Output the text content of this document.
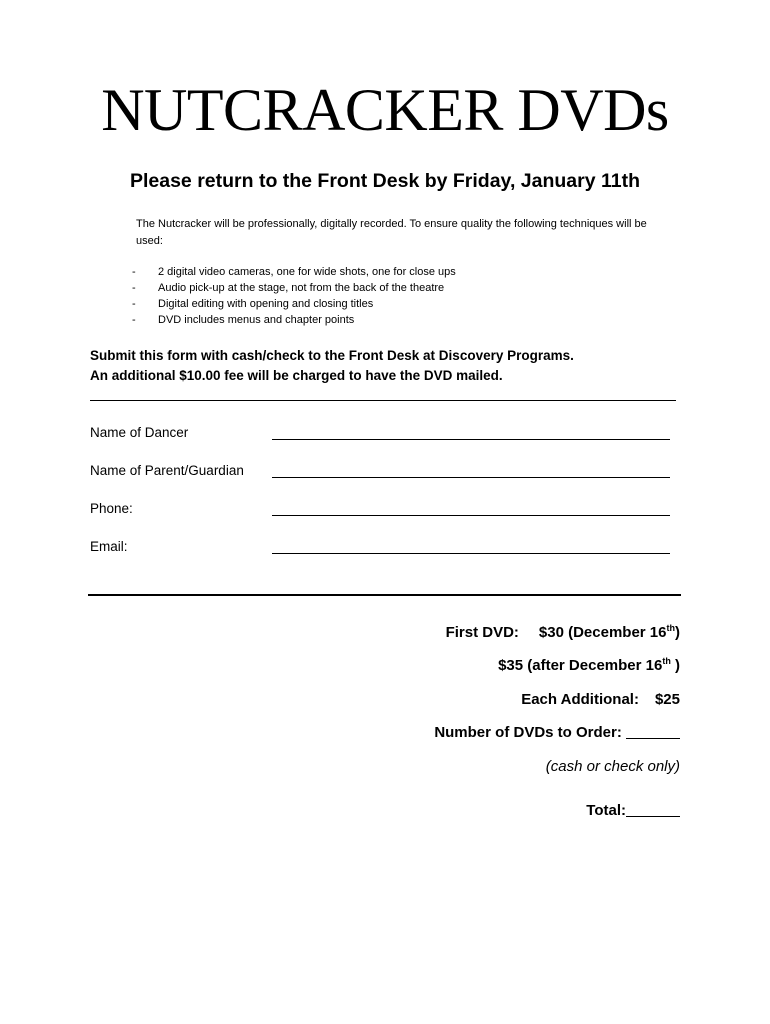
NUTCRACKER DVDs
Please return to the Front Desk by Friday, January 11th
The Nutcracker will be professionally, digitally recorded. To ensure quality the following techniques will be used:
- 2 digital video cameras, one for wide shots, one for close ups
- Audio pick-up at the stage, not from the back of the theatre
- Digital editing with opening and closing titles
- DVD includes menus and chapter points
Submit this form with cash/check to the Front Desk at Discovery Programs.
An additional $10.00 fee will be charged to have the DVD mailed.
Name of Dancer
Name of Parent/Guardian
Phone:
Email:
First DVD: $30 (December 16th)
$35 (after December 16th )
Each Additional: $25
Number of DVDs to Order:
(cash or check only)
Total:
